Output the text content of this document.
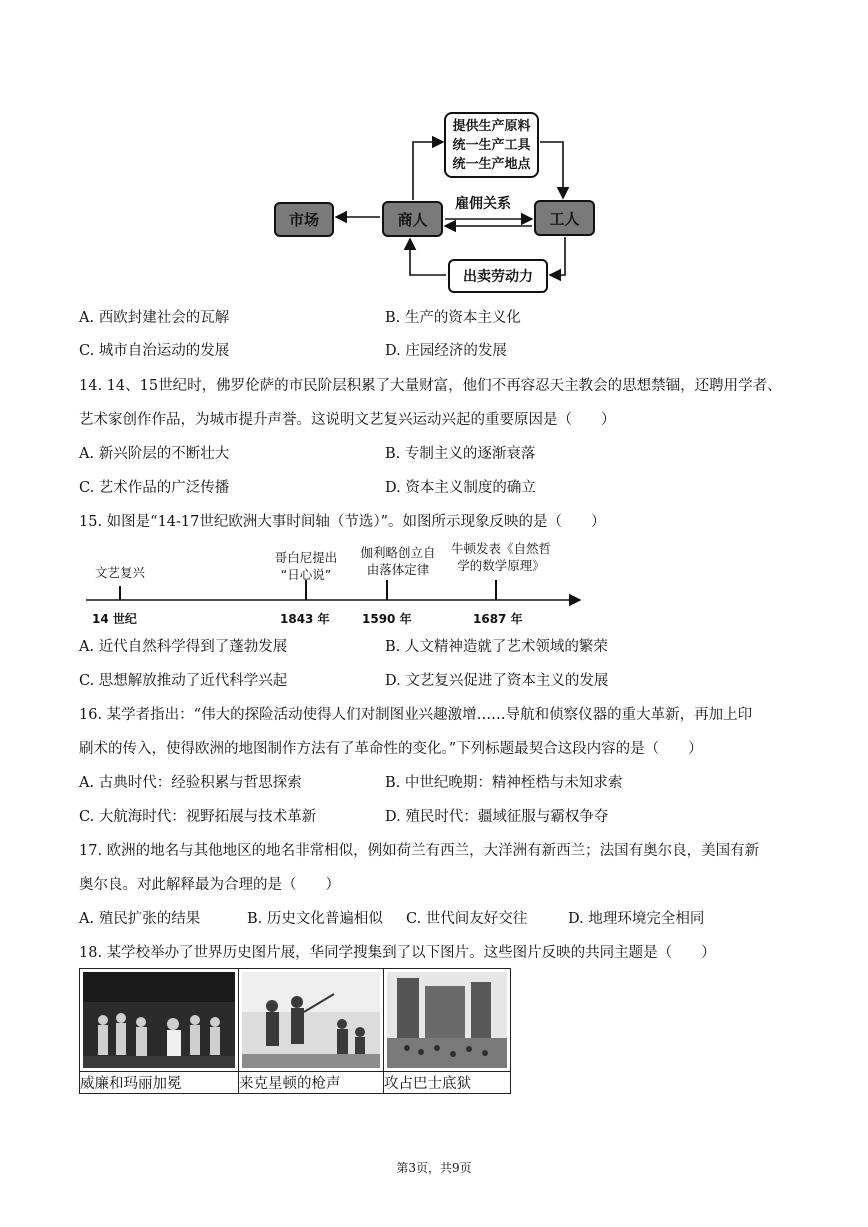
提供生产原料
统一生产工具
统一生产地点
市场	商人	工人
雇佣关系
出卖劳动力
A. 西欧封建社会的瓦解	B. 生产的资本主义化
C. 城市自治运动的发展	D. 庄园经济的发展
14. 14、15世纪时，佛罗伦萨的市民阶层积累了大量财富，他们不再容忍天主教会的思想禁锢，还聘用学者、
艺术家创作作品，为城市提升声誉。这说明文艺复兴运动兴起的重要原因是（　　）
A. 新兴阶层的不断壮大	B. 专制主义的逐渐衰落
C. 艺术作品的广泛传播	D. 资本主义制度的确立
15. 如图是“14-17世纪欧洲大事时间轴（节选）”。如图所示现象反映的是（　　）
文艺复兴
哥白尼提出
“日心说”
伽利略创立自
由落体定律
牛顿发表《自然哲
学的数学原理》
14 世纪	1843 年	1590 年	1687 年
A. 近代自然科学得到了蓬勃发展	B. 人文精神造就了艺术领域的繁荣
C. 思想解放推动了近代科学兴起	D. 文艺复兴促进了资本主义的发展
16. 某学者指出：“伟大的探险活动使得人们对制图业兴趣激增……导航和侦察仪器的重大革新，再加上印
刷术的传入，使得欧洲的地图制作方法有了革命性的变化。”下列标题最契合这段内容的是（　　）
A. 古典时代：经验积累与哲思探索	B. 中世纪晚期：精神桎梏与未知求索
C. 大航海时代：视野拓展与技术革新	D. 殖民时代：疆域征服与霸权争夺
17. 欧洲的地名与其他地区的地名非常相似，例如荷兰有西兰，大洋洲有新西兰；法国有奥尔良，美国有新
奥尔良。对此解释最为合理的是（　　）
A. 殖民扩张的结果	B. 历史文化普遍相似 C. 世代间友好交往	D. 地理环境完全相同
18. 某学校举办了世界历史图片展，华同学搜集到了以下图片。这些图片反映的共同主题是（　　）

威廉和玛丽加冕	来克星顿的枪声	攻占巴士底狱
第3页，共9页
